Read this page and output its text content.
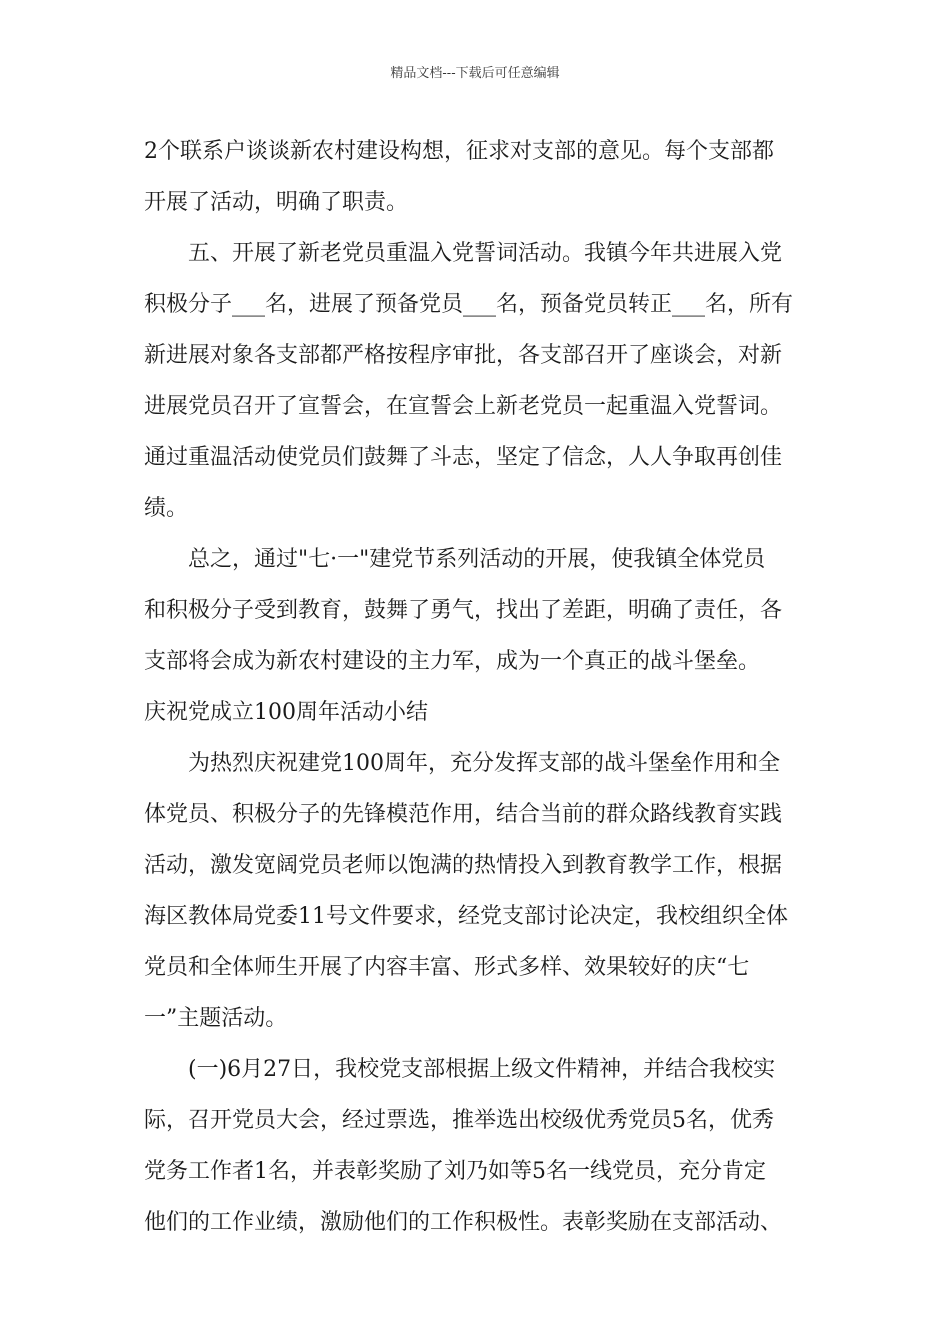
精品文档---下载后可任意编辑
2个联系户谈谈新农村建设构想，征求对支部的意见。每个支部都
开展了活动，明确了职责。
五、开展了新老党员重温入党誓词活动。我镇今年共进展入党
积极分子___名，进展了预备党员___名，预备党员转正___名，所有
新进展对象各支部都严格按程序审批，各支部召开了座谈会，对新
进展党员召开了宣誓会，在宣誓会上新老党员一起重温入党誓词。
通过重温活动使党员们鼓舞了斗志，坚定了信念，人人争取再创佳
绩。
总之，通过"七·一"建党节系列活动的开展，使我镇全体党员
和积极分子受到教育，鼓舞了勇气，找出了差距，明确了责任，各
支部将会成为新农村建设的主力军，成为一个真正的战斗堡垒。
庆祝党成立100周年活动小结
为热烈庆祝建党100周年，充分发挥支部的战斗堡垒作用和全
体党员、积极分子的先锋模范作用，结合当前的群众路线教育实践
活动，激发宽阔党员老师以饱满的热情投入到教育教学工作，根据
海区教体局党委11号文件要求，经党支部讨论决定，我校组织全体
党员和全体师生开展了内容丰富、形式多样、效果较好的庆“七
一”主题活动。
(一)6月27日，我校党支部根据上级文件精神，并结合我校实
际，召开党员大会，经过票选，推举选出校级优秀党员5名，优秀
党务工作者1名，并表彰奖励了刘乃如等5名一线党员，充分肯定
他们的工作业绩，激励他们的工作积极性。表彰奖励在支部活动、
